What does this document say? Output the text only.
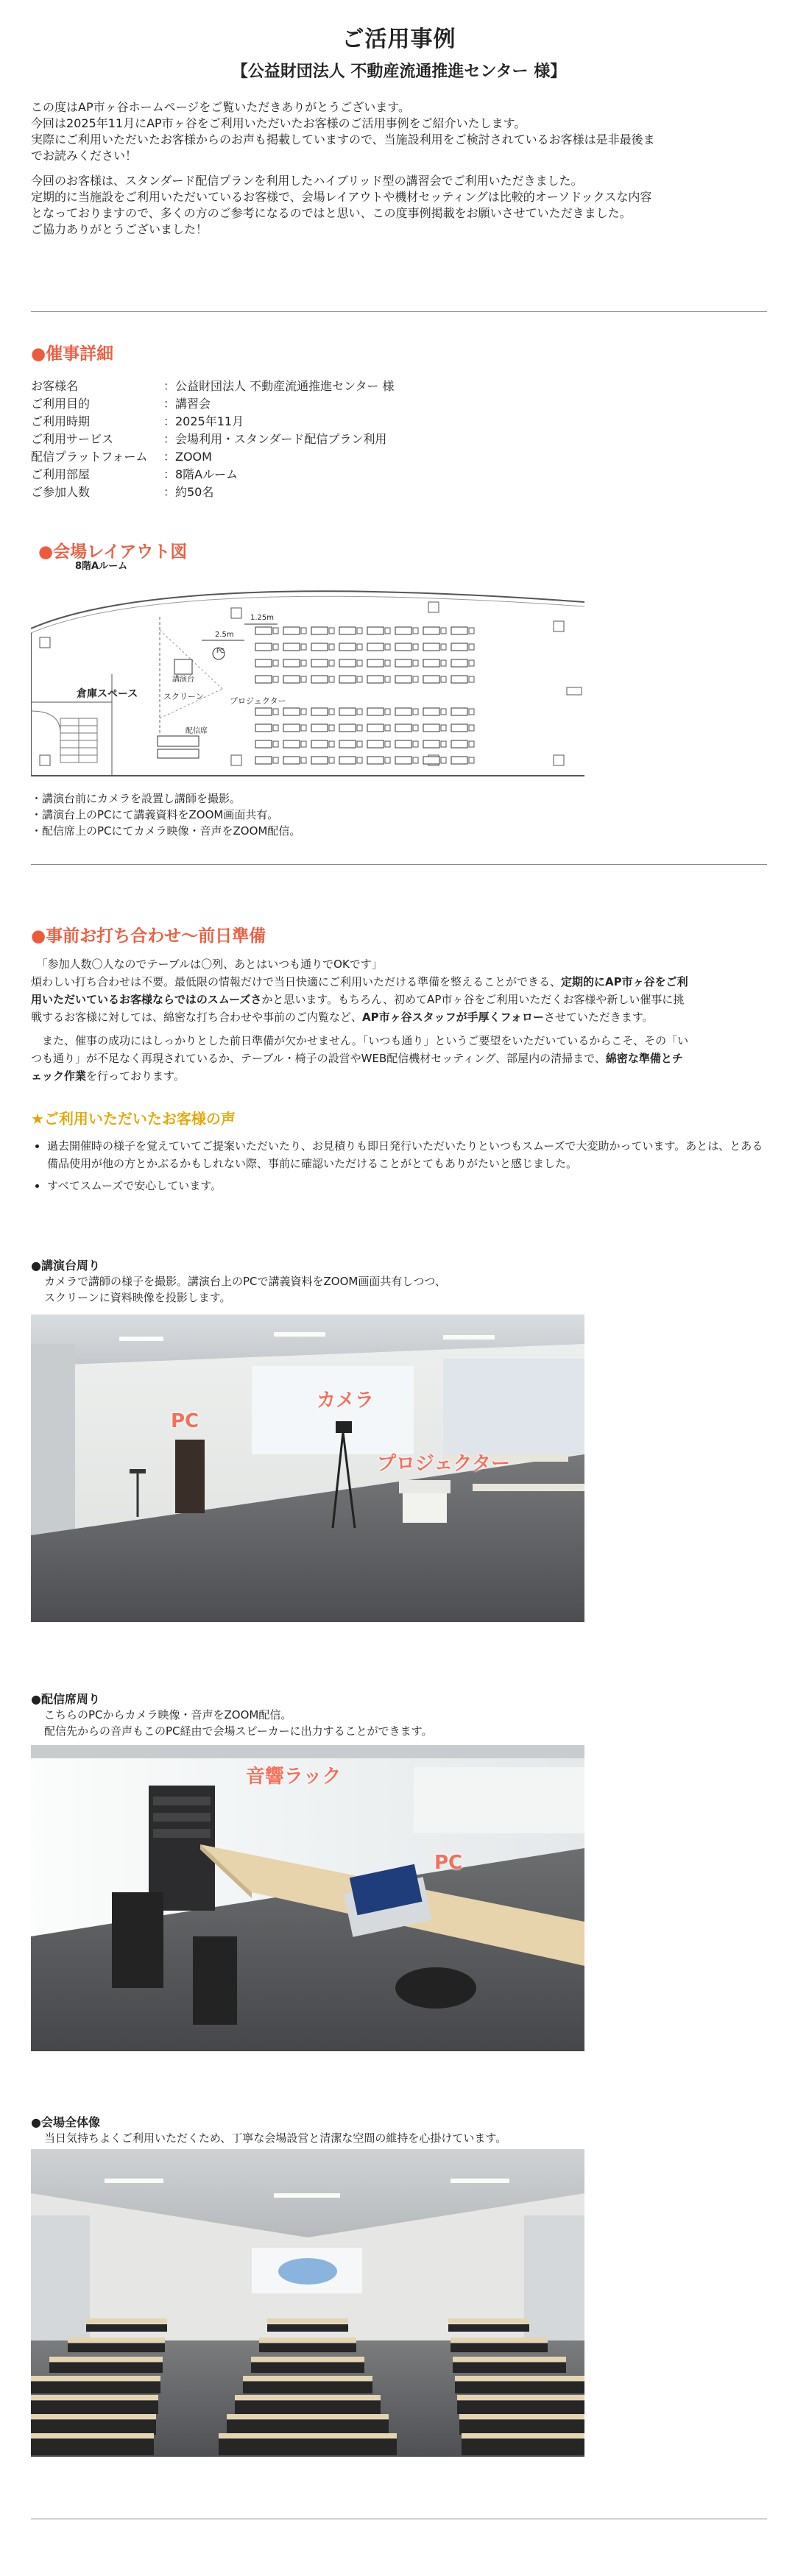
ご活用事例
【公益財団法人 不動産流通推進センター 様】

この度はAP市ヶ谷ホームページをご覧いただきありがとうございます。

今回は2025年11月にAP市ヶ谷をご利用いただいたお客様のご活用事例をご紹介いたします。

実際にご利用いただいたお客様からのお声も掲載していますので、当施設利用をご検討されているお客様は是非最後ま

でお読みください！

今回のお客様は、スタンダード配信プランを利用したハイブリッド型の講習会でご利用いただきました。

定期的に当施設をご利用いただいているお客様で、会場レイアウトや機材セッティングは比較的オーソドックスな内容

となっておりますので、多くの方のご参考になるのではと思い、この度事例掲載をお願いさせていただきました。

ご協力ありがとうございました！

●催事詳細

お客様名	：公益財団法人 不動産流通推進センター 様
ご利用目的	：講習会
ご利用時期	：2025年11月
ご利用サービス	：会場利用・スタンダード配信プラン利用
配信プラットフォーム	：ZOOM
ご利用部屋	：8階Aルーム
ご参加人数	：約50名

●会場レイアウト図

8階Aルーム
倉庫スペース	スクリーン	プロジェクター
講演台
配信席
PC
2.5m
1.25m

・講演台前にカメラを設置し講師を撮影。

・講演台上のPCにて講義資料をZOOM画面共有。

・配信席上のPCにてカメラ映像・音声をZOOM配信。

●事前お打ち合わせ〜前日準備

　「参加人数〇人なのでテーブルは〇列、あとはいつも通りでOKです」

煩わしい打ち合わせは不要。最低限の情報だけで当日快適にご利用いただける準備を整えることができる、定期的にAP市ヶ谷をご利

用いただいているお客様ならではのスムーズさかと思います。もちろん、初めてAP市ヶ谷をご利用いただくお客様や新しい催事に挑

戦するお客様に対しては、綿密な打ち合わせや事前のご内覧など、AP市ヶ谷スタッフが手厚くフォローさせていただきます。

　また、催事の成功にはしっかりとした前日準備が欠かせません。「いつも通り」というご要望をいただいているからこそ、その「い

つも通り」が不足なく再現されているか、テーブル・椅子の設営やWEB配信機材セッティング、部屋内の清掃まで、綿密な準備とチ

ェック作業を行っております。

★ご利用いただいたお客様の声

• 過去開催時の様子を覚えていてご提案いただいたり、お見積りも即日発行いただいたりといつもスムーズで大変助かっています。あとは、とある備品使用が他の方とかぶるかもしれない際、事前に確認いただけることがとてもありがたいと感じました。
• すべてスムーズで安心しています。

●講演台周り

カメラで講師の様子を撮影。講演台上のPCで講義資料をZOOM画面共有しつつ、

スクリーンに資料映像を投影します。

PC
カメラ
プロジェクター

●配信席周り

こちらのPCからカメラ映像・音声をZOOM配信。

配信先からの音声もこのPC経由で会場スピーカーに出力することができます。

音響ラック
PC

●会場全体像

当日気持ちよくご利用いただくため、丁寧な会場設営と清潔な空間の維持を心掛けています。
